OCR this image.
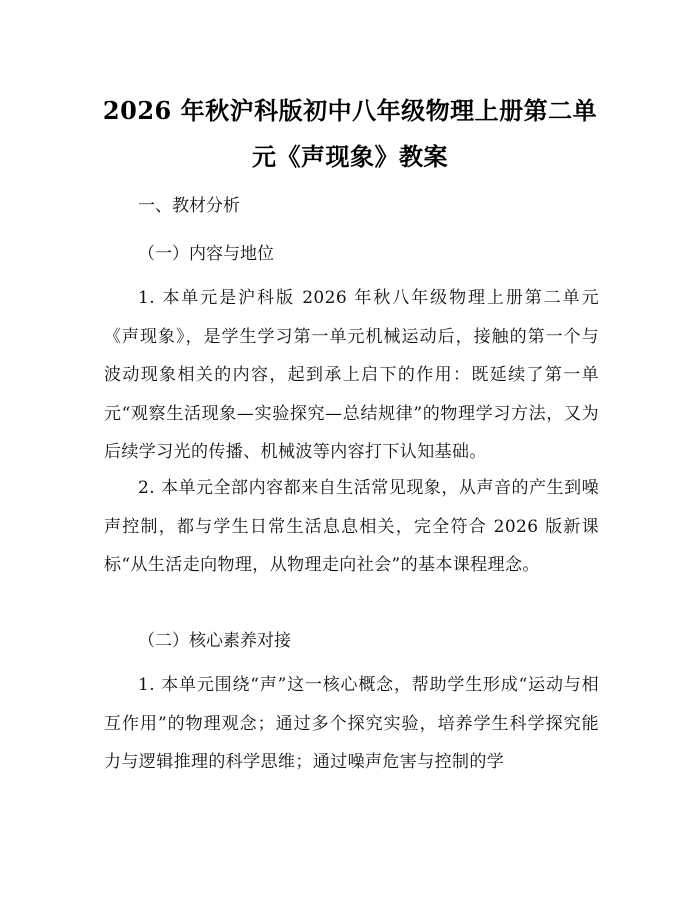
2026 年秋沪科版初中八年级物理上册第二单
元《声现象》教案
一、教材分析
（一）内容与地位
1. 本单元是沪科版 2026 年秋八年级物理上册第二单元《声现象》，是学生学习第一单元机械运动后，接触的第一个与波动现象相关的内容，起到承上启下的作用：既延续了第一单元“观察生活现象—实验探究—总结规律”的物理学习方法，又为后续学习光的传播、机械波等内容打下认知基础。
2. 本单元全部内容都来自生活常见现象，从声音的产生到噪声控制，都与学生日常生活息息相关，完全符合 2026 版新课标“从生活走向物理，从物理走向社会”的基本课程理念。
（二）核心素养对接
1. 本单元围绕“声”这一核心概念，帮助学生形成“运动与相互作用”的物理观念；通过多个探究实验，培养学生科学探究能力与逻辑推理的科学思维；通过噪声危害与控制的学
